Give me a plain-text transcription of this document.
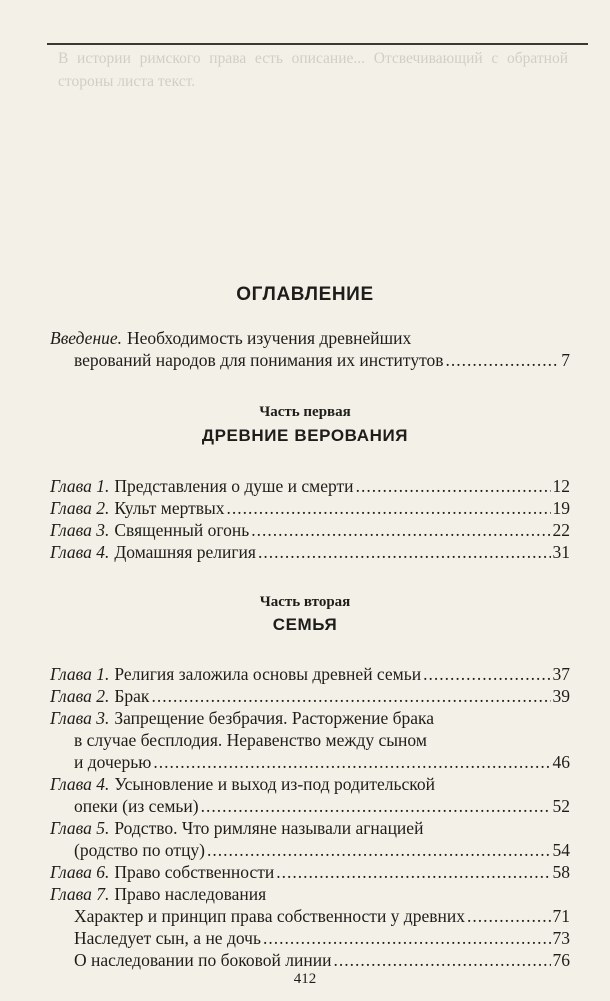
В истории римского права есть описание... Отсвечивающий с обратной стороны листа текст.
ОГЛАВЛЕНИЕ
Введение. Необходимость изучения древнейших
верований народов для понимания их институтов .....	7
Часть первая
ДРЕВНИЕ ВЕРОВАНИЯ
Глава 1. Представления о душе и смерти .....	12
Глава 2. Культ мертвых .....	19
Глава 3. Священный огонь .....	22
Глава 4. Домашняя религия .....	31
Часть вторая
СЕМЬЯ
Глава 1. Религия заложила основы древней семьи .....	37
Глава 2. Брак .....	39
Глава 3. Запрещение безбрачия. Расторжение брака
в случае бесплодия. Неравенство между сыном
и дочерью .....	46
Глава 4. Усыновление и выход из-под родительской
опеки (из семьи) .....	52
Глава 5. Родство. Что римляне называли агнацией
(родство по отцу) .....	54
Глава 6. Право собственности .....	58
Глава 7. Право наследования
Характер и принцип права собственности у древних .....	71
Наследует сын, а не дочь .....	73
О наследовании по боковой линии .....	76
412
